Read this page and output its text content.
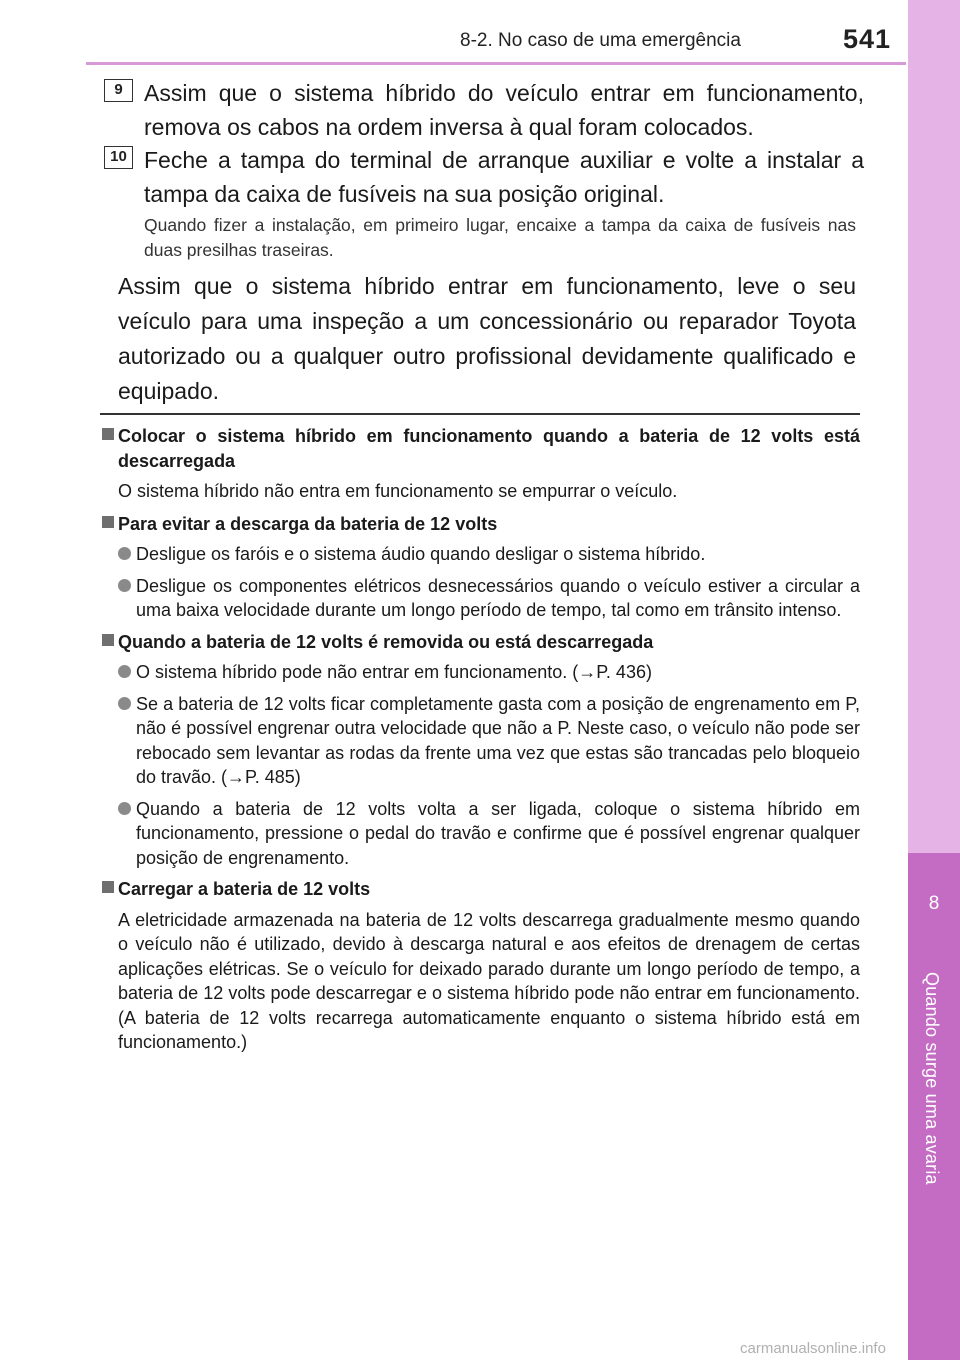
8-2. No caso de uma emergência	541
8
Quando surge uma avaria
9 Assim que o sistema híbrido do veículo entrar em funcionamento, remova os cabos na ordem inversa à qual foram colocados.
10 Feche a tampa do terminal de arranque auxiliar e volte a instalar a tampa da caixa de fusíveis na sua posição original.
Quando fizer a instalação, em primeiro lugar, encaixe a tampa da caixa de fusíveis nas duas presilhas traseiras.
Assim que o sistema híbrido entrar em funcionamento, leve o seu veículo para uma inspeção a um concessionário ou reparador Toyota autorizado ou a qualquer outro profissional devidamente qualificado e equipado.
Colocar o sistema híbrido em funcionamento quando a bateria de 12 volts está descarregada
O sistema híbrido não entra em funcionamento se empurrar o veículo.
Para evitar a descarga da bateria de 12 volts
Desligue os faróis e o sistema áudio quando desligar o sistema híbrido.
Desligue os componentes elétricos desnecessários quando o veículo estiver a circular a uma baixa velocidade durante um longo período de tempo, tal como em trânsito intenso.
Quando a bateria de 12 volts é removida ou está descarregada
O sistema híbrido pode não entrar em funcionamento. (→P. 436)
Se a bateria de 12 volts ficar completamente gasta com a posição de engrenamento em P, não é possível engrenar outra velocidade que não a P. Neste caso, o veículo não pode ser rebocado sem levantar as rodas da frente uma vez que estas são trancadas pelo bloqueio do travão. (→P. 485)
Quando a bateria de 12 volts volta a ser ligada, coloque o sistema híbrido em funcionamento, pressione o pedal do travão e confirme que é possível engrenar qualquer posição de engrenamento.
Carregar a bateria de 12 volts
A eletricidade armazenada na bateria de 12 volts descarrega gradualmente mesmo quando o veículo não é utilizado, devido à descarga natural e aos efeitos de drenagem de certas aplicações elétricas. Se o veículo for deixado parado durante um longo período de tempo, a bateria de 12 volts pode descarregar e o sistema híbrido pode não entrar em funcionamento. (A bateria de 12 volts recarrega automaticamente enquanto o sistema híbrido está em funcionamento.)
carmanualsonline.info
